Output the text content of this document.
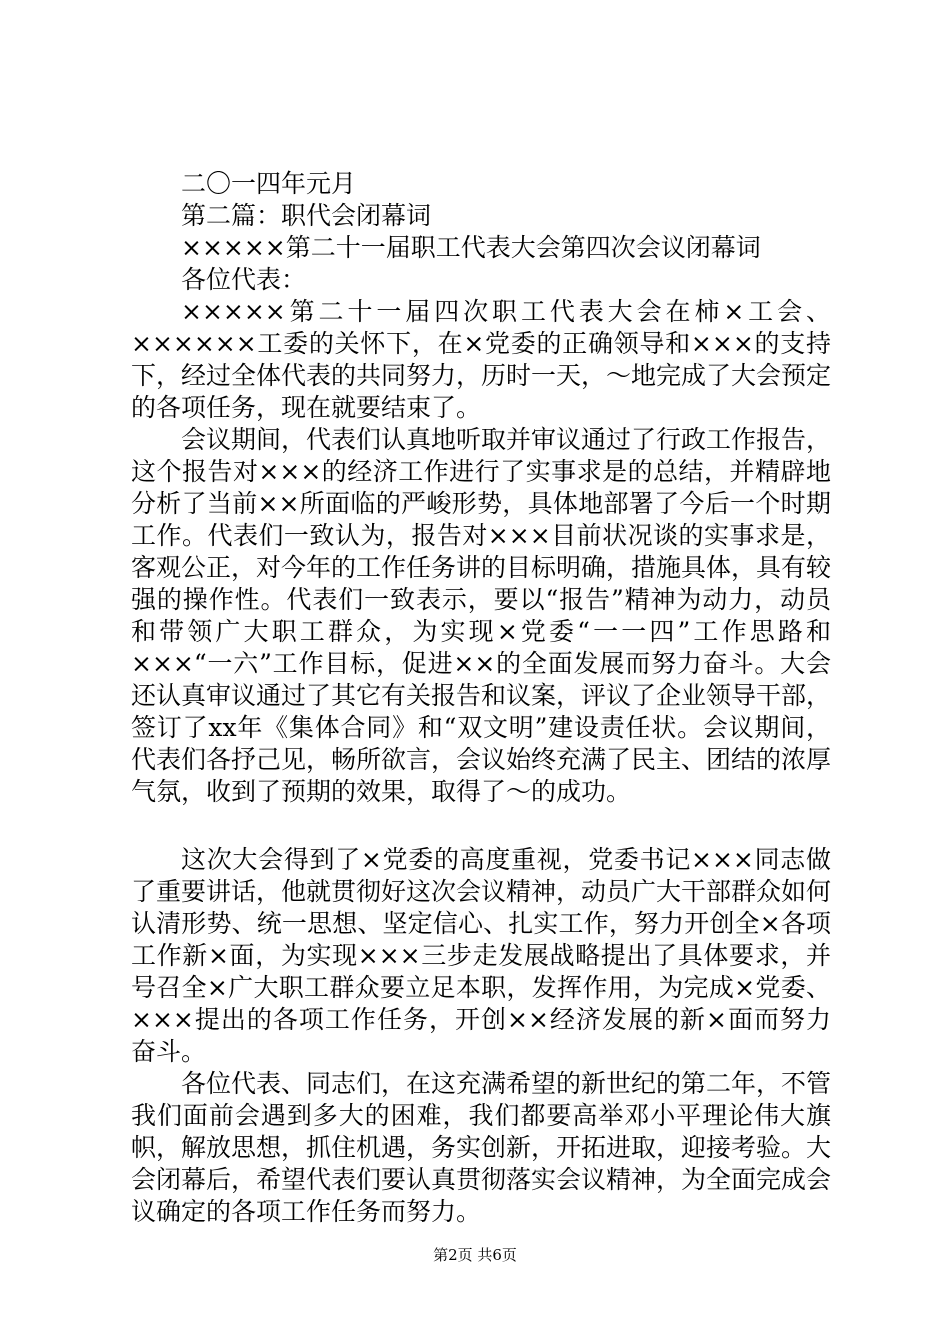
二〇一四年元月
第二篇：职代会闭幕词
×××××第二十一届职工代表大会第四次会议闭幕词
各位代表：

×××××第二十一届四次职工代表大会在柿×工会、××××××工委的关怀下，在×党委的正确领导和×××的支持下，经过全体代表的共同努力，历时一天，～地完成了大会预定的各项任务，现在就要结束了。

会议期间，代表们认真地听取并审议通过了行政工作报告，这个报告对×××的经济工作进行了实事求是的总结，并精辟地分析了当前××所面临的严峻形势，具体地部署了今后一个时期工作。代表们一致认为，报告对×××目前状况谈的实事求是，客观公正，对今年的工作任务讲的目标明确，措施具体，具有较强的操作性。代表们一致表示，要以“报告”精神为动力，动员和带领广大职工群众，为实现×党委“一一四”工作思路和×××“一六”工作目标，促进××的全面发展而努力奋斗。大会还认真审议通过了其它有关报告和议案，评议了企业领导干部，签订了xx年《集体合同》和“双文明”建设责任状。会议期间，代表们各抒己见，畅所欲言，会议始终充满了民主、团结的浓厚气氛，收到了预期的效果，取得了～的成功。

这次大会得到了×党委的高度重视，党委书记×××同志做了重要讲话，他就贯彻好这次会议精神，动员广大干部群众如何认清形势、统一思想、坚定信心、扎实工作，努力开创全×各项工作新×面，为实现×××三步走发展战略提出了具体要求，并号召全×广大职工群众要立足本职，发挥作用，为完成×党委、×××提出的各项工作任务，开创××经济发展的新×面而努力奋斗。

各位代表、同志们，在这充满希望的新世纪的第二年，不管我们面前会遇到多大的困难，我们都要高举邓小平理论伟大旗帜，解放思想，抓住机遇，务实创新，开拓进取，迎接考验。大会闭幕后，希望代表们要认真贯彻落实会议精神，为全面完成会议确定的各项工作任务而努力。

第2页 共6页
